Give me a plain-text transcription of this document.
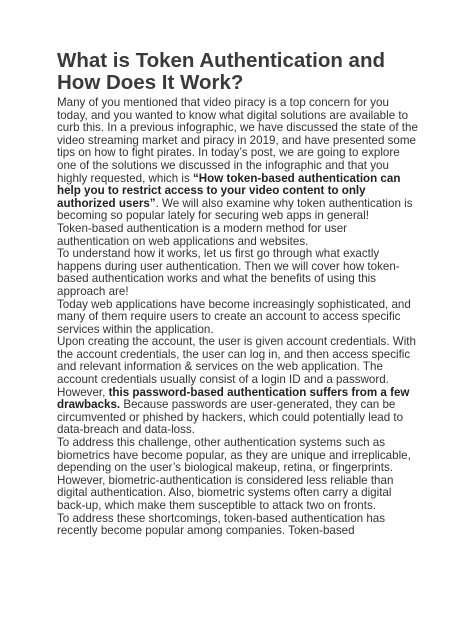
What is Token Authentication and How Does It Work?

Many of you mentioned that video piracy is a top concern for you today, and you wanted to know what digital solutions are available to curb this. In a previous infographic, we have discussed the state of the video streaming market and piracy in 2019, and have presented some tips on how to fight pirates. In today’s post, we are going to explore one of the solutions we discussed in the infographic and that you highly requested, which is “How token-based authentication can help you to restrict access to your video content to only authorized users”. We will also examine why token authentication is becoming so popular lately for securing web apps in general!

Token-based authentication is a modern method for user authentication on web applications and websites.

To understand how it works, let us first go through what exactly happens during user authentication. Then we will cover how token-based authentication works and what the benefits of using this approach are!

Today web applications have become increasingly sophisticated, and many of them require users to create an account to access specific services within the application.

Upon creating the account, the user is given account credentials. With the account credentials, the user can log in, and then access specific and relevant information & services on the web application. The account credentials usually consist of a login ID and a password.

However, this password-based authentication suffers from a few drawbacks. Because passwords are user-generated, they can be circumvented or phished by hackers, which could potentially lead to data-breach and data-loss.

To address this challenge, other authentication systems such as biometrics have become popular, as they are unique and irreplicable, depending on the user’s biological makeup, retina, or fingerprints.

However, biometric-authentication is considered less reliable than digital authentication. Also, biometric systems often carry a digital back-up, which make them susceptible to attack two on fronts.

To address these shortcomings, token-based authentication has recently become popular among companies. Token-based
